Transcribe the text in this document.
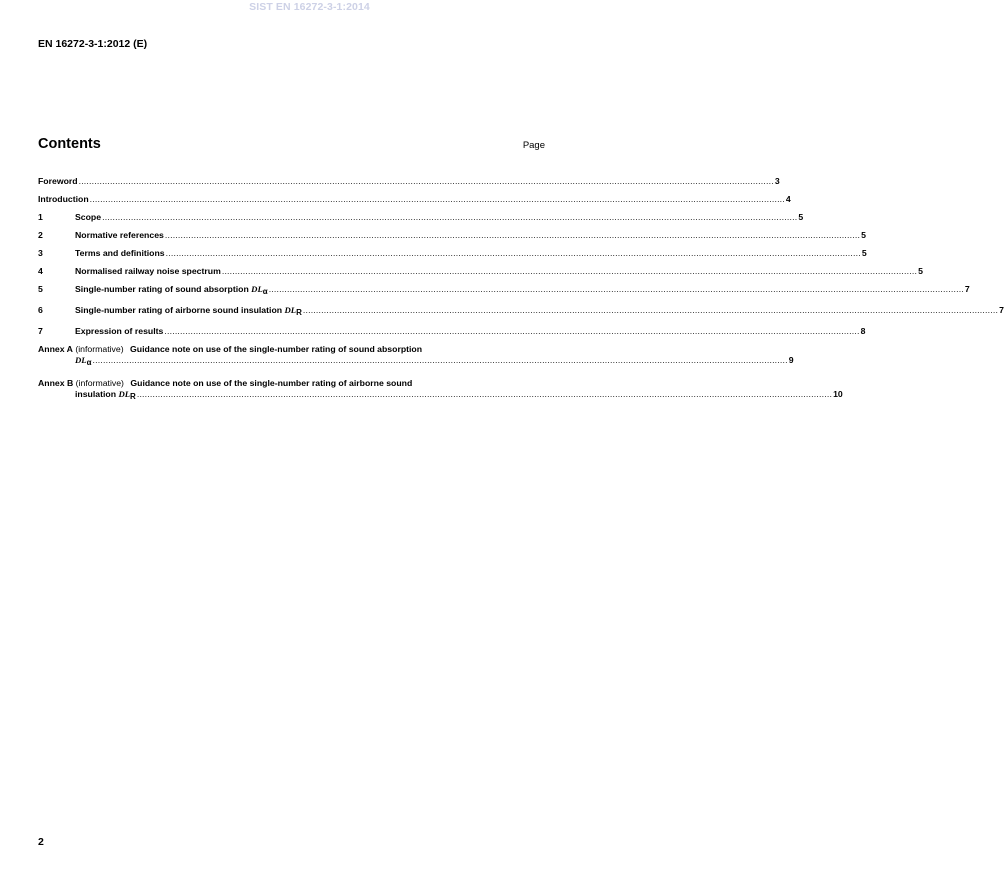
SIST EN 16272-3-1:2014
EN 16272-3-1:2012 (E)
Contents	Page
Foreword .......................................................................................................................................................................................................................................................................... 3
Introduction .......................................................................................................................................................................................................................................................................... 4
1	Scope .......................................................................................................................................................................................................................................................................... 5
2	Normative references .......................................................................................................................................................................................................................................................................... 5
3	Terms and definitions .......................................................................................................................................................................................................................................................................... 5
4	Normalised railway noise spectrum .......................................................................................................................................................................................................................................................................... 5
5	Single-number rating of sound absorption $DL_\alpha$ .......................................................................................................................................................................................................................................................................... 7
6	Single-number rating of airborne sound insulation $DL_R$ .......................................................................................................................................................................................................................................................................... 7
7	Expression of results .......................................................................................................................................................................................................................................................................... 8
Annex A (informative) Guidance note on use of the single-number rating of sound absorption
$DL_\alpha$ .......................................................................................................................................................................................................................................................................... 9
Annex B (informative) Guidance note on use of the single-number rating of airborne sound
insulation
$DL_R$ .......................................................................................................................................................................................................................................................................... 10
2
